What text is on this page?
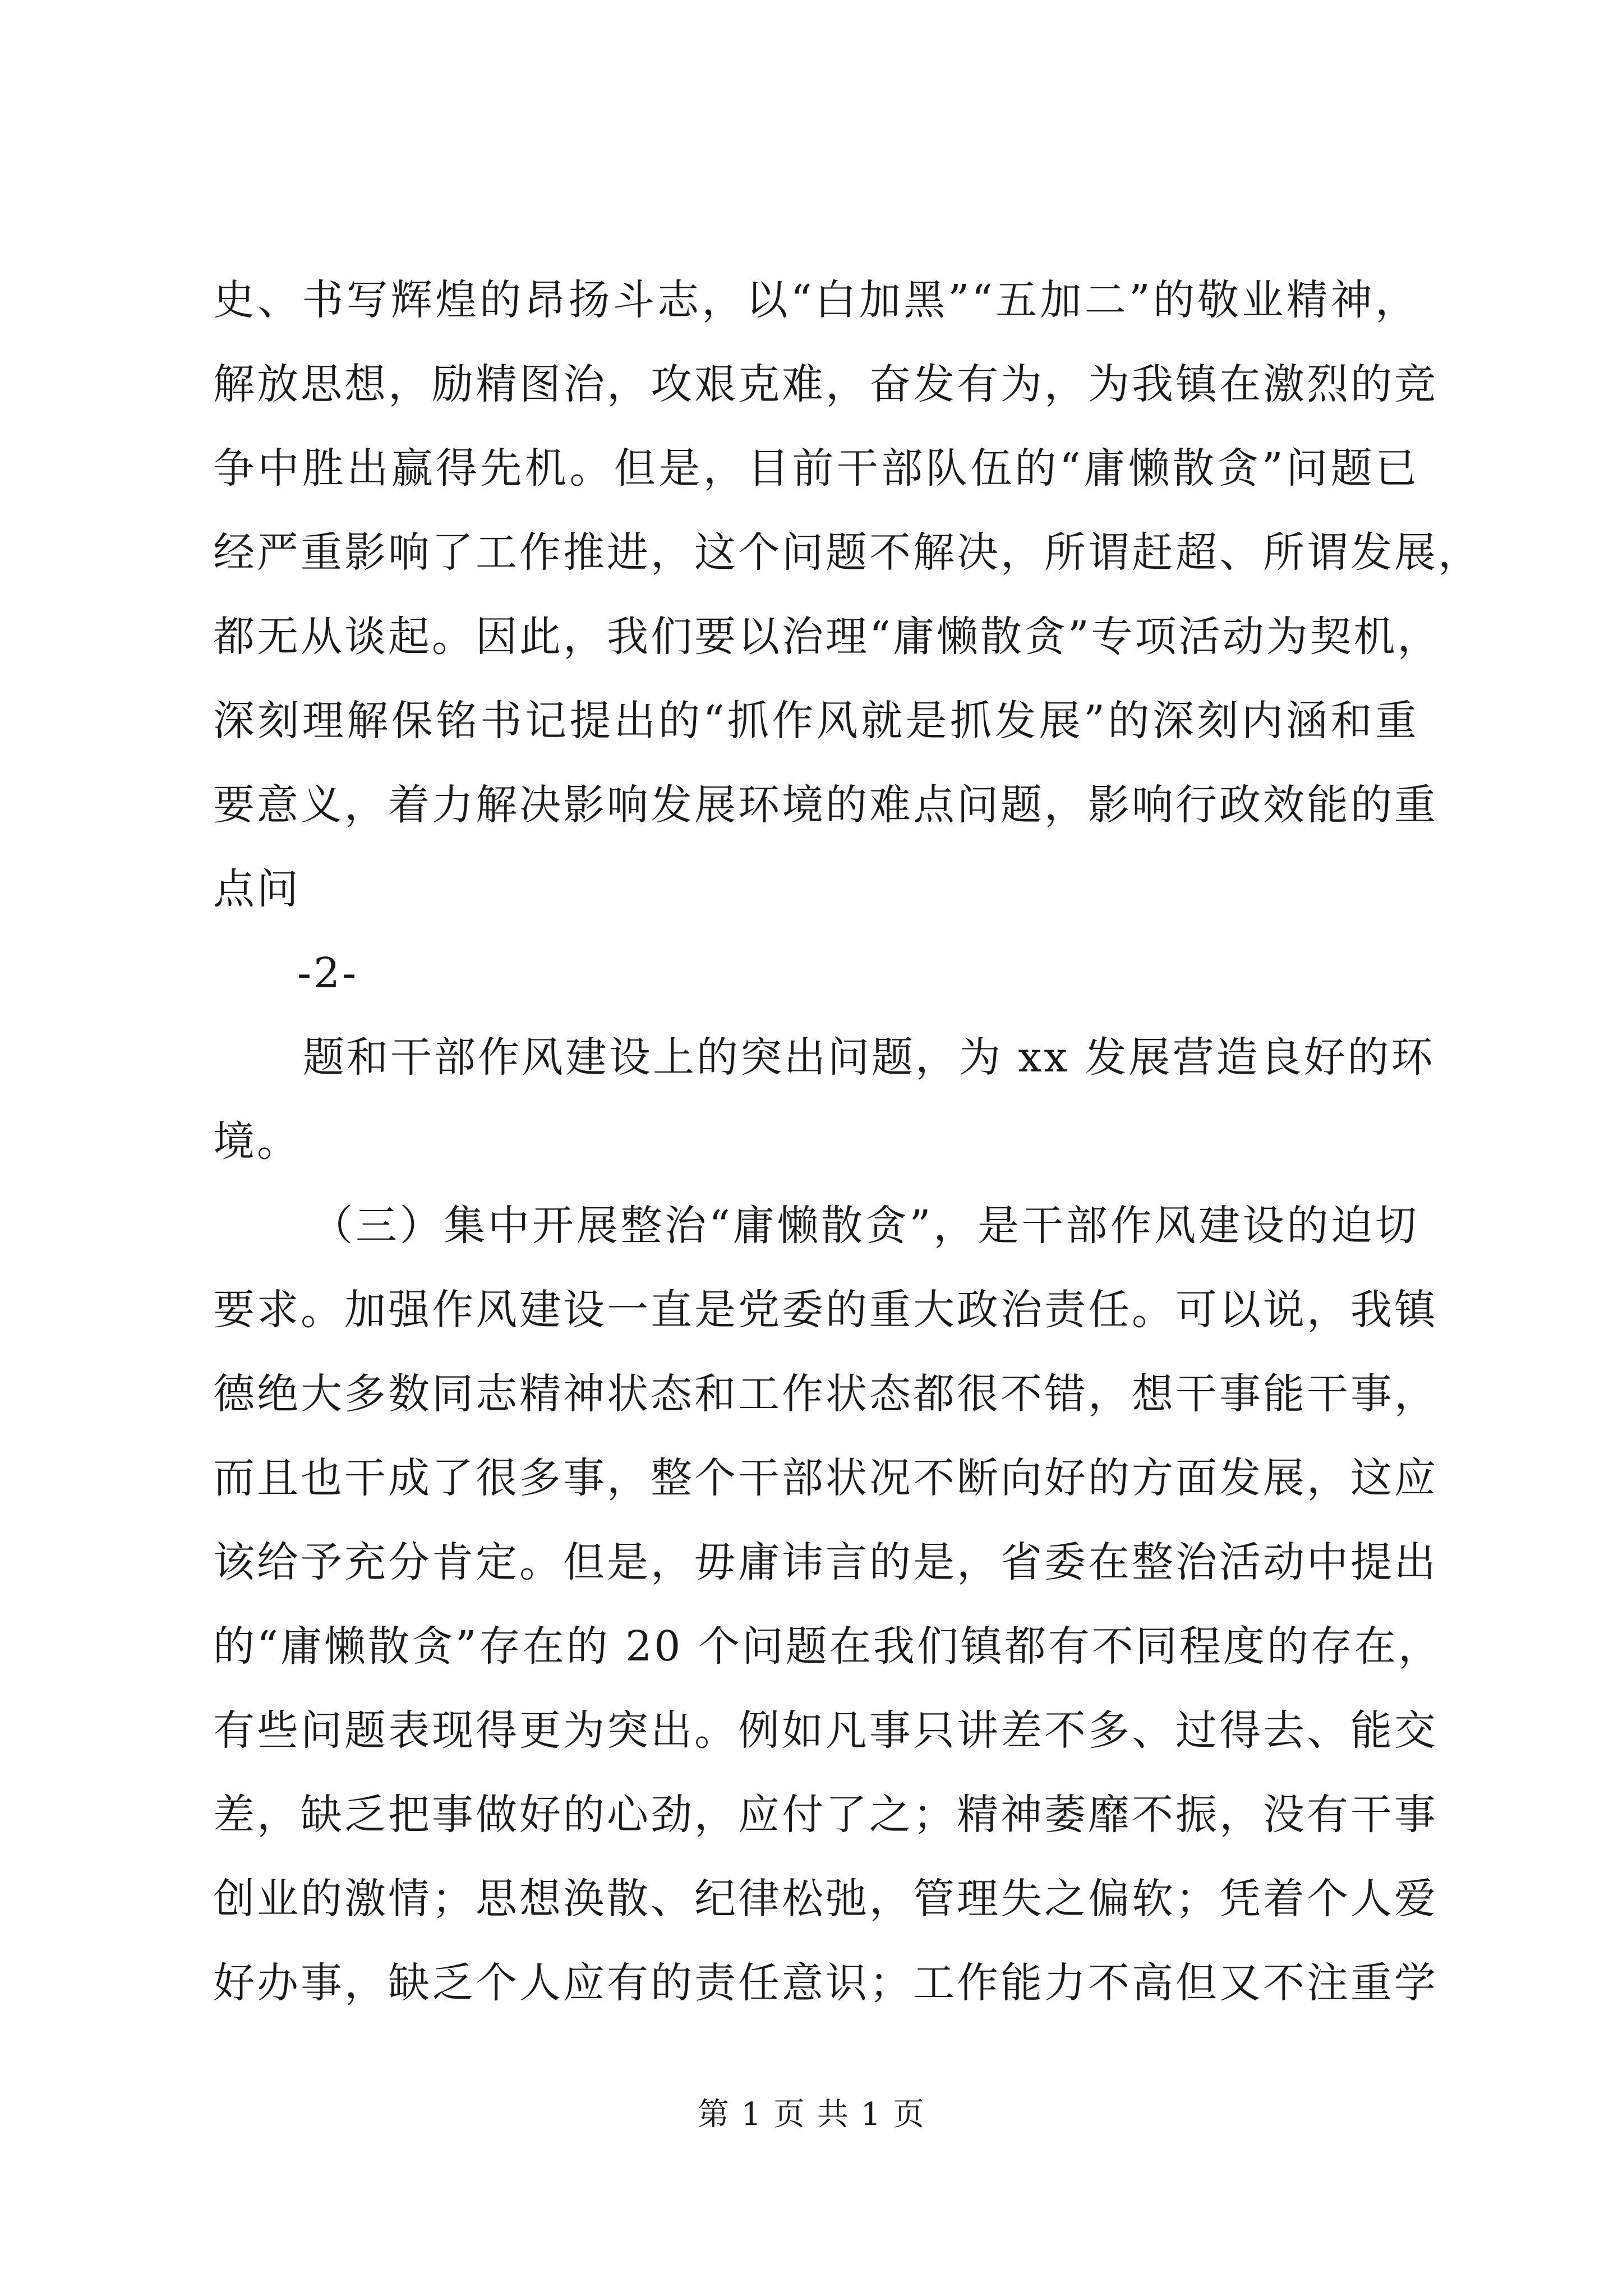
史、书写辉煌的昂扬斗志，以“白加黑”“五加二”的敬业精神，
解放思想，励精图治，攻艰克难，奋发有为，为我镇在激烈的竞
争中胜出赢得先机。但是，目前干部队伍的“庸懒散贪”问题已
经严重影响了工作推进，这个问题不解决，所谓赶超、所谓发展，
都无从谈起。因此，我们要以治理“庸懒散贪”专项活动为契机，
深刻理解保铭书记提出的“抓作风就是抓发展”的深刻内涵和重
要意义，着力解决影响发展环境的难点问题，影响行政效能的重
点问
-2-
题和干部作风建设上的突出问题，为 xx 发展营造良好的环
境。
（三）集中开展整治“庸懒散贪”，是干部作风建设的迫切
要求。加强作风建设一直是党委的重大政治责任。可以说，我镇
德绝大多数同志精神状态和工作状态都很不错，想干事能干事，
而且也干成了很多事，整个干部状况不断向好的方面发展，这应
该给予充分肯定。但是，毋庸讳言的是，省委在整治活动中提出
的“庸懒散贪”存在的 20 个问题在我们镇都有不同程度的存在，
有些问题表现得更为突出。例如凡事只讲差不多、过得去、能交
差，缺乏把事做好的心劲，应付了之；精神萎靡不振，没有干事
创业的激情；思想涣散、纪律松弛，管理失之偏软；凭着个人爱
好办事，缺乏个人应有的责任意识；工作能力不高但又不注重学
第 1 页 共 1 页
